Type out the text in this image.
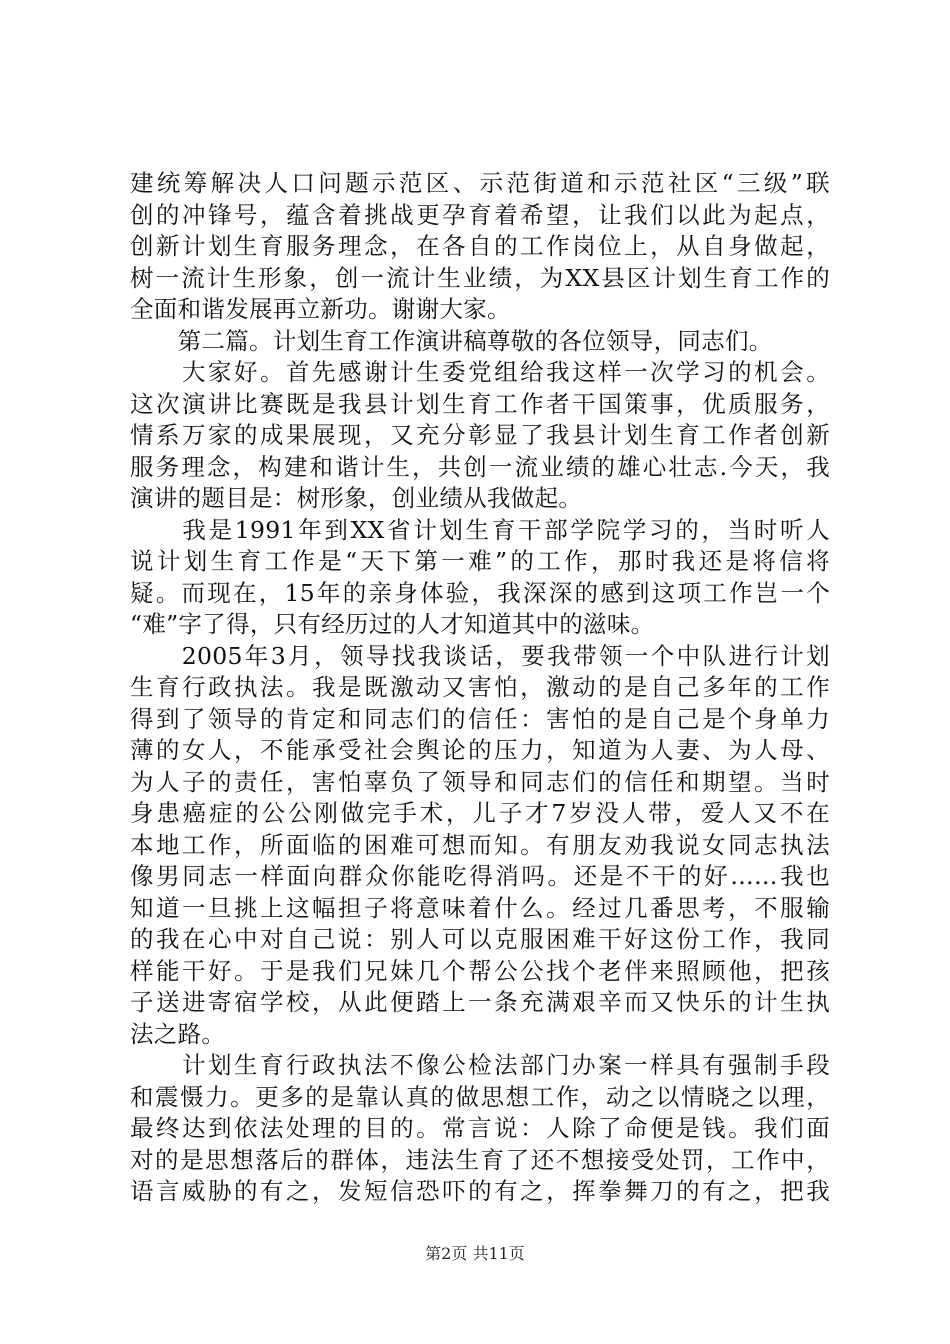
建统筹解决人口问题示范区、示范街道和示范社区“三级”联
创的冲锋号，蕴含着挑战更孕育着希望，让我们以此为起点，
创新计划生育服务理念，在各自的工作岗位上，从自身做起，
树一流计生形象，创一流计生业绩，为XX县区计划生育工作的
全面和谐发展再立新功。谢谢大家。
　　第二篇。计划生育工作演讲稿尊敬的各位领导，同志们。
　　大家好。首先感谢计生委党组给我这样一次学习的机会。
这次演讲比赛既是我县计划生育工作者干国策事，优质服务，
情系万家的成果展现，又充分彰显了我县计划生育工作者创新
服务理念，构建和谐计生，共创一流业绩的雄心壮志.今天，我
演讲的题目是：树形象，创业绩从我做起。
　　我是1991年到XX省计划生育干部学院学习的，当时听人
说计划生育工作是“天下第一难”的工作，那时我还是将信将
疑。而现在，15年的亲身体验，我深深的感到这项工作岂一个
“难”字了得，只有经历过的人才知道其中的滋味。
　　2005年3月，领导找我谈话，要我带领一个中队进行计划
生育行政执法。我是既激动又害怕，激动的是自己多年的工作
得到了领导的肯定和同志们的信任：害怕的是自己是个身单力
薄的女人，不能承受社会舆论的压力，知道为人妻、为人母、
为人子的责任，害怕辜负了领导和同志们的信任和期望。当时
身患癌症的公公刚做完手术，儿子才7岁没人带，爱人又不在
本地工作，所面临的困难可想而知。有朋友劝我说女同志执法
像男同志一样面向群众你能吃得消吗。还是不干的好……我也
知道一旦挑上这幅担子将意味着什么。经过几番思考，不服输
的我在心中对自己说：别人可以克服困难干好这份工作，我同
样能干好。于是我们兄妹几个帮公公找个老伴来照顾他，把孩
子送进寄宿学校，从此便踏上一条充满艰辛而又快乐的计生执
法之路。
　　计划生育行政执法不像公检法部门办案一样具有强制手段
和震慑力。更多的是靠认真的做思想工作，动之以情晓之以理，
最终达到依法处理的目的。常言说：人除了命便是钱。我们面
对的是思想落后的群体，违法生育了还不想接受处罚，工作中，
语言威胁的有之，发短信恐吓的有之，挥拳舞刀的有之，把我
第2页 共11页
